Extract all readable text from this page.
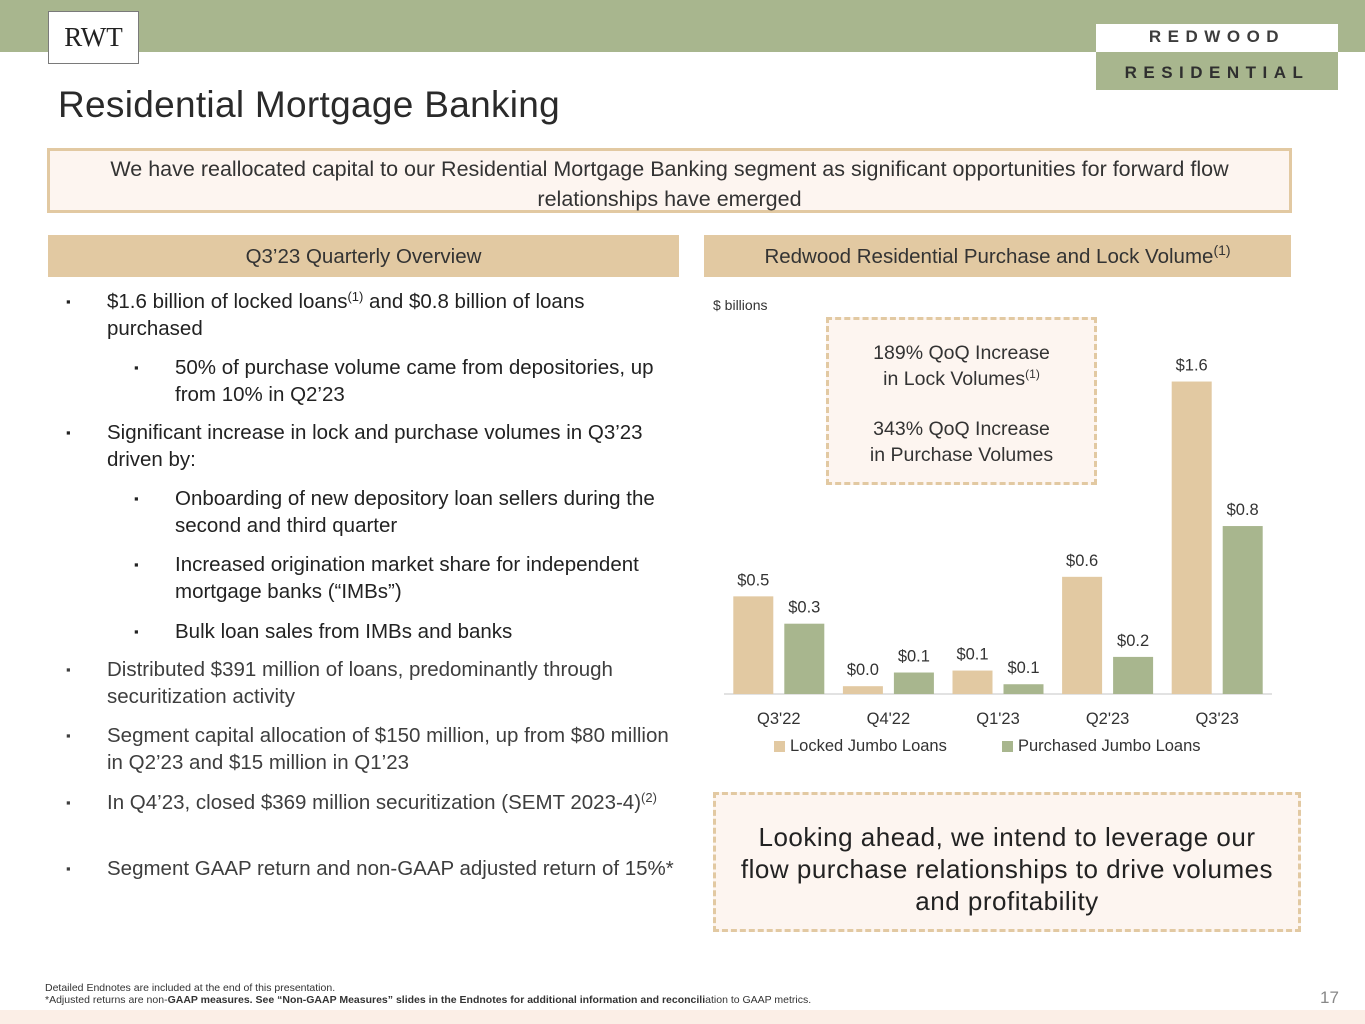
RWT	REDWOOD
RESIDENTIAL
Residential Mortgage Banking
We have reallocated capital to our Residential Mortgage Banking segment as significant opportunities for forward flow relationships have emerged
Q3’23 Quarterly Overview	Redwood Residential Purchase and Lock Volume$^{(1)}$
▪ $1.6 billion of locked loans$^{(1)}$ and $0.8 billion of loans purchased
▪ 50% of purchase volume came from depositories, up from 10% in Q2’23
▪ Significant increase in lock and purchase volumes in Q3’23 driven by:
▪ Onboarding of new depository loan sellers during the second and third quarter
▪ Increased origination market share for independent mortgage banks (“IMBs”)
▪ Bulk loan sales from IMBs and banks
▪ Distributed $391 million of loans, predominantly through securitization activity
▪ Segment capital allocation of $150 million, up from $80 million in Q2’23 and $15 million in Q1’23
▪ In Q4’23, closed $369 million securitization (SEMT 2023-4)$^{(2)}$
▪ Segment GAAP return and non-GAAP adjusted return of 15%*
$ billions
$0.5
$0.3
Q3'22
$0.0
$0.1
Q4'22
$0.1
$0.1
Q1'23
$0.6
$0.2
Q2'23
$1.6
$0.8
Q3'23
Locked Jumbo Loans	Purchased Jumbo Loans
189% QoQ Increase
in Lock Volumes$^{(1)}$
343% QoQ Increase
in Purchase Volumes
Looking ahead, we intend to leverage our flow purchase relationships to drive volumes and profitability
Detailed Endnotes are included at the end of this presentation.
*Adjusted returns are non-GAAP measures. See “Non-GAAP Measures” slides in the Endnotes for additional information and reconciliation to GAAP metrics.	17
